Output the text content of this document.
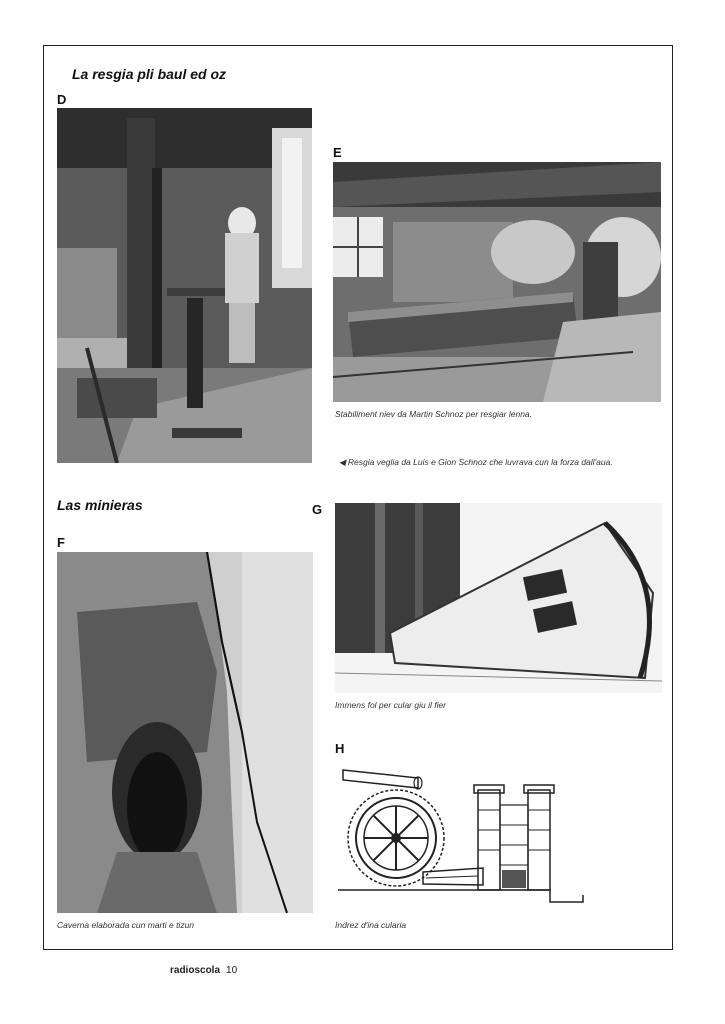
La resgia pli baul ed oz
D
E
Stabiliment niev da Martin Schnoz per resgiar lenna.
◀ Resgia veglia da Luis e Gion Schnoz che luvrava cun la forza dall'aua.
Las minieras
F
Caverna elaborada cun marti e tizun
G
Immens fol per cular giu il fier
H
Indrez d'ina cularia
radioscola 10
